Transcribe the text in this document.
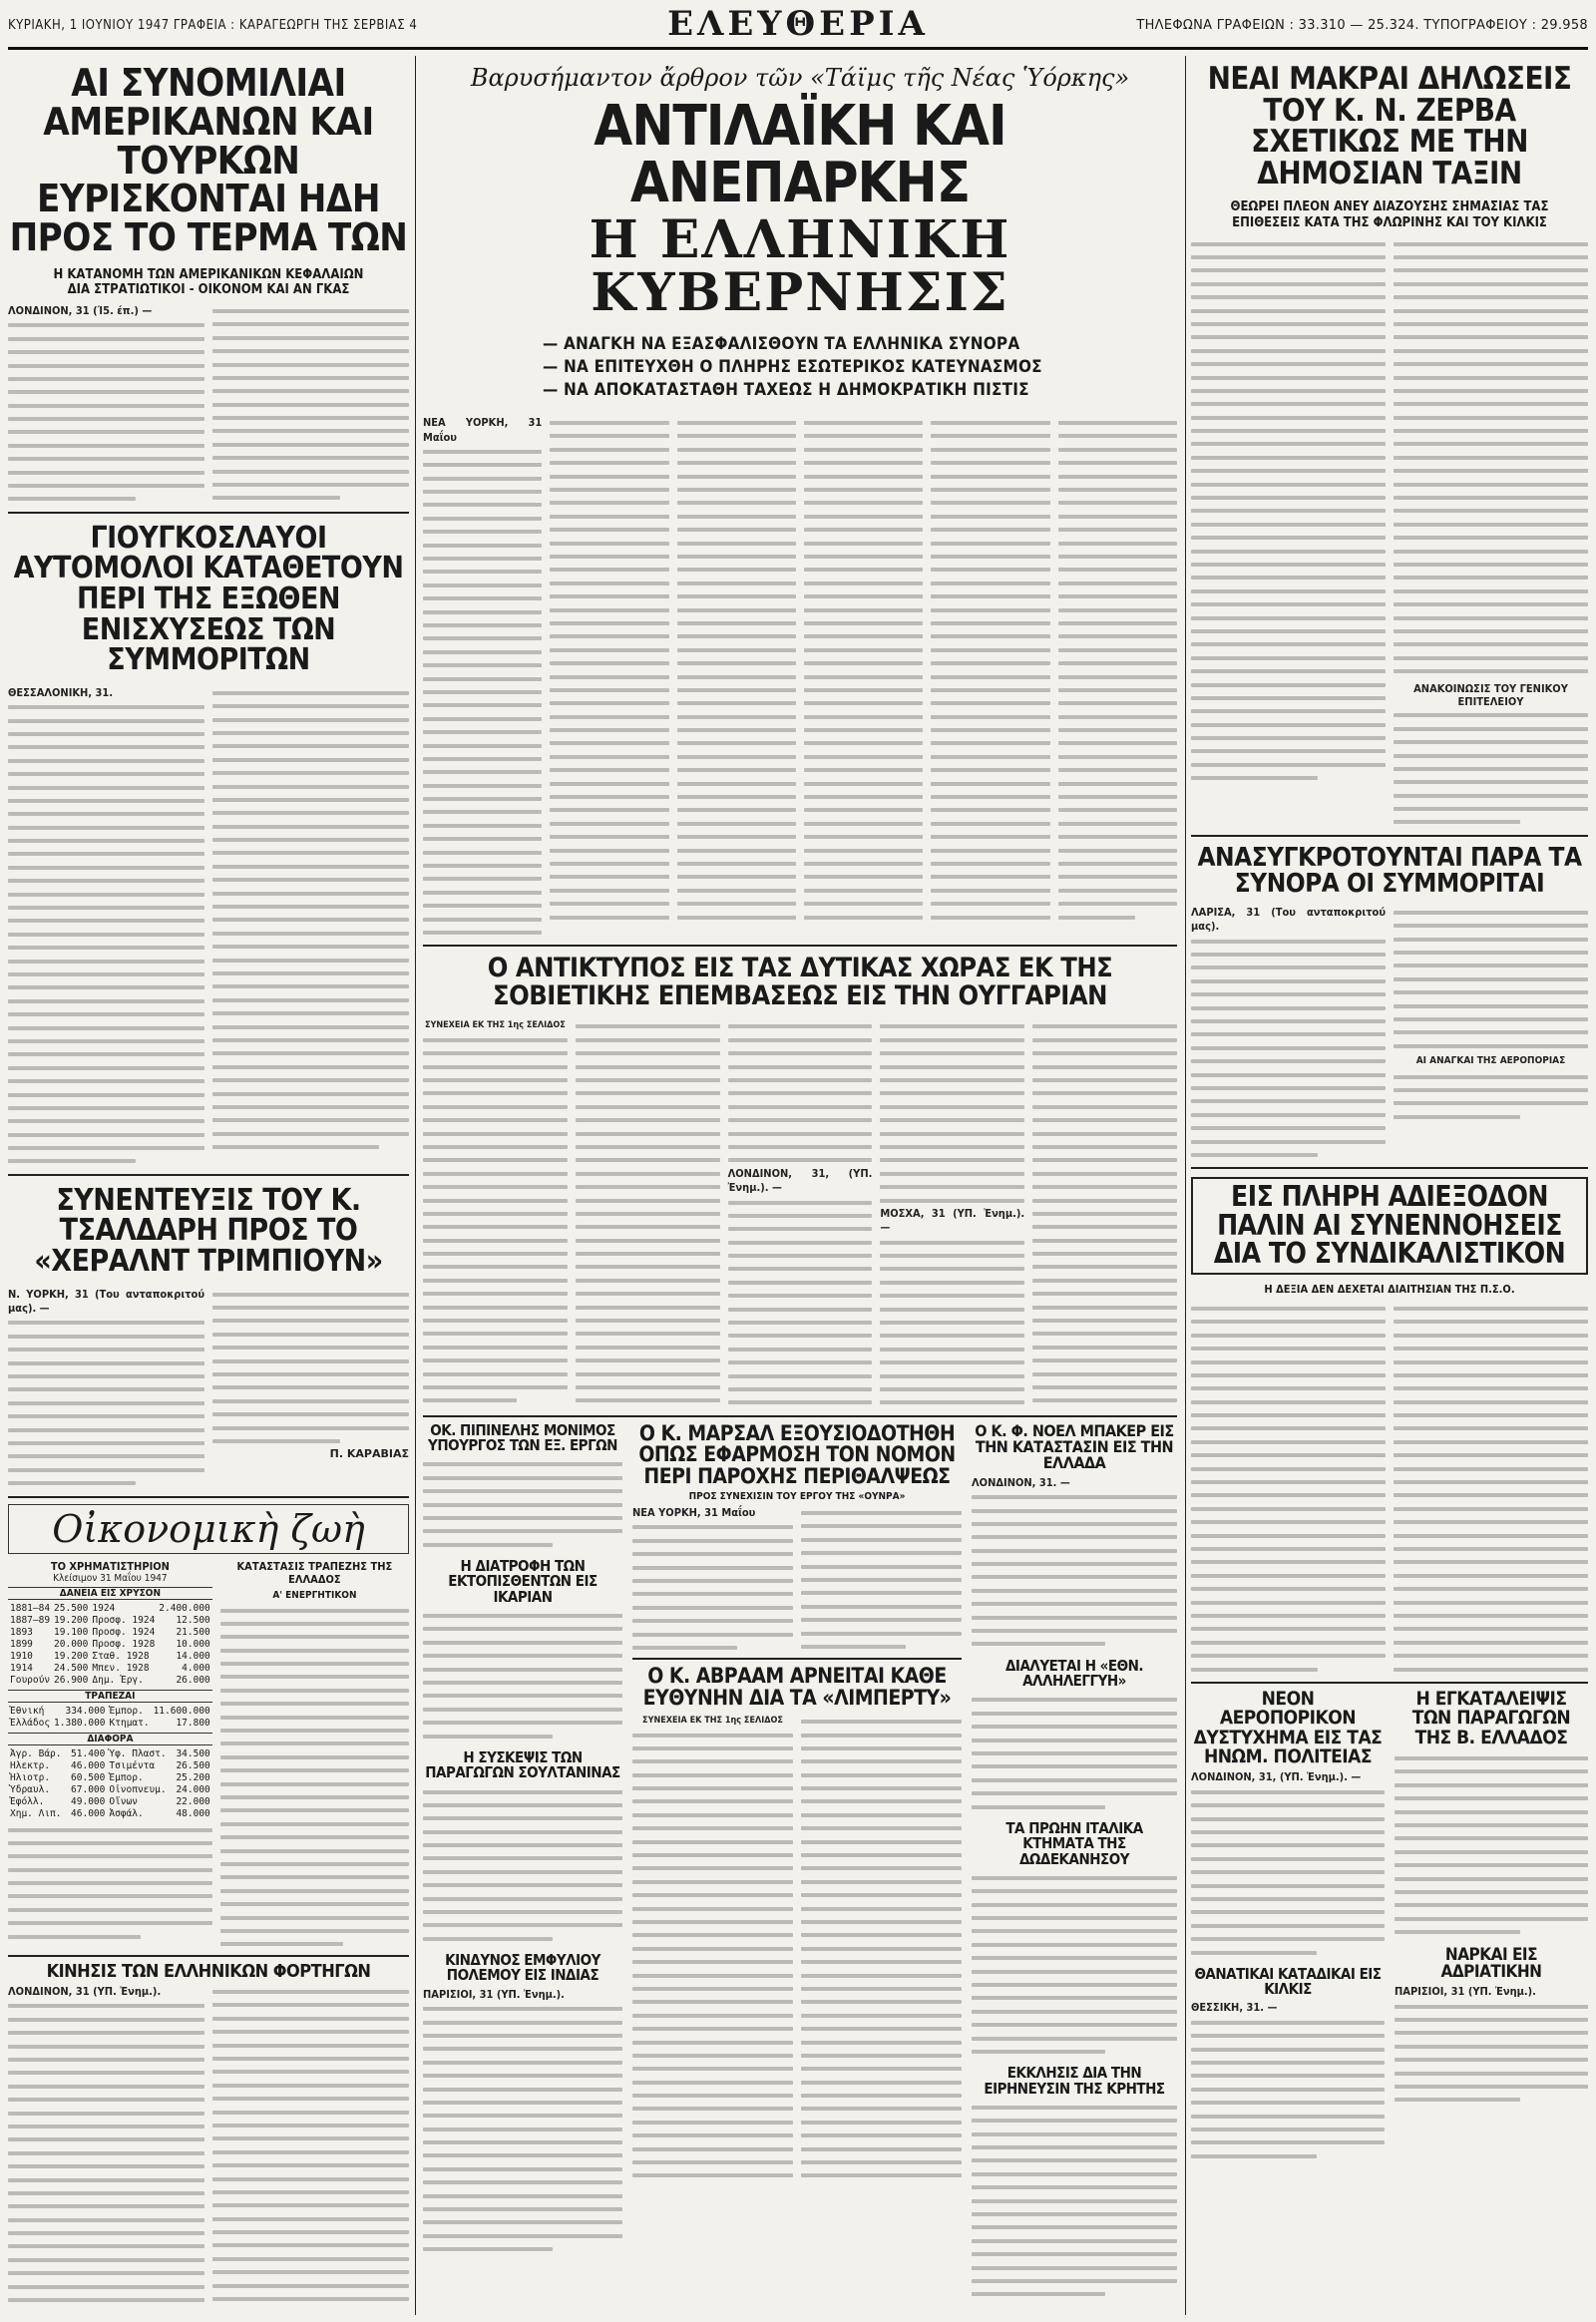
ΚΥΡΙΑΚΗ, 1 ΙΟΥΝΙΟΥ 1947 ΓΡΑΦΕΙΑ : ΚΑΡΑΓΕΩΡΓΗ ΤΗΣ ΣΕΡΒΙΑΣ 4	ΕΛΕΥΘΕΡΙΑ	ΤΗΛΕΦΩΝΑ ΓΡΑΦΕΙΩΝ : 33.310 — 25.324. ΤΥΠΟΓΡΑΦΕΙΟΥ : 29.958
ΑΙ ΣΥΝΟΜΙΛΙΑΙ ΑΜΕΡΙΚΑΝΩΝ ΚΑΙ ΤΟΥΡΚΩΝ ΕΥΡΙΣΚΟΝΤΑΙ ΗΔΗ ΠΡΟΣ ΤΟ ΤΕΡΜΑ ΤΩΝ
Η ΚΑΤΑΝΟΜΗ ΤΩΝ ΑΜΕΡΙΚΑΝΙΚΩΝ ΚΕΦΑΛΑΙΩΝ ΔΙΑ ΣΤΡΑΤΙΩΤΙΚΟΙ - ΟΙΚΟΝΟΜ ΚΑΙ ΑΝ ΓΚΑΣ
ΛΟΝΔΙΝΟΝ, 31 (Ί5. έπ.) —
ΓΙΟΥΓΚΟΣΛΑΥΟΙ ΑΥΤΟΜΟΛΟΙ ΚΑΤΑΘΕΤΟΥΝ ΠΕΡΙ ΤΗΣ ΕΞΩΘΕΝ ΕΝΙΣΧΥΣΕΩΣ ΤΩΝ ΣΥΜΜΟΡΙΤΩΝ
ΘΕΣΣΑΛΟΝΙΚΗ, 31.
ΣΥΝΕΝΤΕΥΞΙΣ ΤΟΥ Κ. ΤΣΑΛΔΑΡΗ ΠΡΟΣ ΤΟ «ΧΕΡΑΛΝΤ ΤΡΙΜΠΙΟΥΝ»
Ν. ΥΟΡΚΗ, 31 (Του ανταποκριτού μας). —
Π. ΚΑΡΑΒΙΑΣ
Οἰκονομικὴ ζωὴ
ΤΟ ΧΡΗΜΑΤΙΣΤΗΡΙΟΝ
Κλείσιμον 31 Μαΐου 1947
ΔΑΝΕΙΑ ΕΙΣ ΧΡΥΣΟΝ
1881—84	25.500	1924	2.400.000
1887—89	19.200	Προσφ. 1924	12.500
1893	19.100	Προσφ. 1924	21.500
1899	20.000	Προσφ. 1928	10.000
1910	19.200	Σταθ. 1928	14.000
1914	24.500	Μπεν. 1928	4.000
Γουρούν	26.900	Δημ. Ἐργ.	26.000
ΤΡΑΠΕΖΑΙ
Ἐθνική	334.000	Ἐμπορ.	11.600.000
Ἑλλάδος	1.380.000	Κτηματ.	17.800
ΔΙΑΦΟΡΑ
Ἀγρ. Βάρ.	51.400	Ὑφ. Πλαστ.	34.500
Ηλεκτρ.	46.000	Τσιμέντα	26.500
Ἠλιοτρ.	60.500	Ἐμπορ.	25.200
Ὑδραυλ.	67.000	Οἰνοπνευμ.	24.000
Ἐφόλλ.	49.000	Οἴνων	22.000
Χημ. Λιπ.	46.000	Ἀσφάλ.	48.000
ΚΑΤΑΣΤΑΣΙΣ ΤΡΑΠΕΖΗΣ ΤΗΣ ΕΛΛΑΔΟΣ
Α' ΕΝΕΡΓΗΤΙΚΟΝ
ΚΙΝΗΣΙΣ ΤΩΝ ΕΛΛΗΝΙΚΩΝ ΦΟΡΤΗΓΩΝ
ΛΟΝΔΙΝΟΝ, 31 (ΥΠ. Ἐνημ.).
Βαρυσήμαντον ἄρθρον τῶν «Τάϊμς τῆς Νέας Ὑόρκης»
ΑΝΤΙΛΑΪΚΗ ΚΑΙ ΑΝΕΠΑΡΚΗΣ
Η ΕΛΛΗΝΙΚΗ ΚΥΒΕΡΝΗΣΙΣ
— ΑΝΑΓΚΗ ΝΑ ΕΞΑΣΦΑΛΙΣΘΟΥΝ ΤΑ ΕΛΛΗΝΙΚΑ ΣΥΝΟΡΑ
— ΝΑ ΕΠΙΤΕΥΧΘΗ Ο ΠΛΗΡΗΣ ΕΣΩΤΕΡΙΚΟΣ ΚΑΤΕΥΝΑΣΜΟΣ
— ΝΑ ΑΠΟΚΑΤΑΣΤΑΘΗ ΤΑΧΕΩΣ Η ΔΗΜΟΚΡΑΤΙΚΗ ΠΙΣΤΙΣ
ΝΕΑ ΥΟΡΚΗ, 31 Μαΐου
Ο ΑΝΤΙΚΤΥΠΟΣ ΕΙΣ ΤΑΣ ΔΥΤΙΚΑΣ ΧΩΡΑΣ ΕΚ ΤΗΣ ΣΟΒΙΕΤΙΚΗΣ ΕΠΕΜΒΑΣΕΩΣ ΕΙΣ ΤΗΝ ΟΥΓΓΑΡΙΑΝ
ΣΥΝΕΧΕΙΑ ΕΚ ΤΗΣ 1ης ΣΕΛΙΔΟΣ
ΛΟΝΔΙΝΟΝ, 31, (ΥΠ. Ἐνημ.). —
ΜΟΣΧΑ, 31 (ΥΠ. Ἐνημ.). —
ΟΚ. ΠΙΠΙΝΕΛΗΣ ΜΟΝΙΜΟΣ ΥΠΟΥΡΓΟΣ ΤΩΝ ΕΞ. ΕΡΓΩΝ
Η ΔΙΑΤΡΟΦΗ ΤΩΝ ΕΚΤΟΠΙΣΘΕΝΤΩΝ ΕΙΣ ΙΚΑΡΙΑΝ
Η ΣΥΣΚΕΨΙΣ ΤΩΝ ΠΑΡΑΓΩΓΩΝ ΣΟΥΛΤΑΝΙΝΑΣ
ΚΙΝΔΥΝΟΣ ΕΜΦΥΛΙΟΥ ΠΟΛΕΜΟΥ ΕΙΣ ΙΝΔΙΑΣ
ΠΑΡΙΣΙΟΙ, 31 (ΥΠ. Ἐνημ.).
Ο Κ. ΜΑΡΣΑΛ ΕΞΟΥΣΙΟΔΟΤΗΘΗ ΟΠΩΣ ΕΦΑΡΜΟΣΗ ΤΟΝ ΝΟΜΟΝ ΠΕΡΙ ΠΑΡΟΧΗΣ ΠΕΡΙΘΑΛΨΕΩΣ
ΠΡΟΣ ΣΥΝΕΧΙΣΙΝ ΤΟΥ ΕΡΓΟΥ ΤΗΣ «ΟΥΝΡΑ»
ΝΕΑ ΥΟΡΚΗ, 31 Μαΐου
Ο Κ. ΑΒΡΑΑΜ ΑΡΝΕΙΤΑΙ ΚΑΘΕ ΕΥΘΥΝΗΝ ΔΙΑ ΤΑ «ΛΙΜΠΕΡΤΥ»
ΣΥΝΕΧΕΙΑ ΕΚ ΤΗΣ 1ης ΣΕΛΙΔΟΣ
Ο Κ. Φ. ΝΟΕΛ ΜΠΑΚΕΡ ΕΙΣ ΤΗΝ ΚΑΤΑΣΤΑΣΙΝ ΕΙΣ ΤΗΝ ΕΛΛΑΔΑ
ΛΟΝΔΙΝΟΝ, 31. —
ΔΙΑΛΥΕΤΑΙ Η «ΕΘΝ. ΑΛΛΗΛΕΓΓΥΗ»
ΤΑ ΠΡΩΗΝ ΙΤΑΛΙΚΑ ΚΤΗΜΑΤΑ ΤΗΣ ΔΩΔΕΚΑΝΗΣΟΥ
ΕΚΚΛΗΣΙΣ ΔΙΑ ΤΗΝ ΕΙΡΗΝΕΥΣΙΝ ΤΗΣ ΚΡΗΤΗΣ
ΝΕΑΙ ΜΑΚΡΑΙ ΔΗΛΩΣΕΙΣ ΤΟΥ Κ. Ν. ΖΕΡΒΑ ΣΧΕΤΙΚΩΣ ΜΕ ΤΗΝ ΔΗΜΟΣΙΑΝ ΤΑΞΙΝ
ΘΕΩΡΕΙ ΠΛΕΟΝ ΑΝΕΥ ΔΙΑΖΟΥΣΗΣ ΣΗΜΑΣΙΑΣ ΤΑΣ ΕΠΙΘΕΣΕΙΣ ΚΑΤΑ ΤΗΣ ΦΛΩΡΙΝΗΣ ΚΑΙ ΤΟΥ ΚΙΛΚΙΣ
ΑΝΑΚΟΙΝΩΣΙΣ ΤΟΥ ΓΕΝΙΚΟΥ ΕΠΙΤΕΛΕΙΟΥ
ΑΝΑΣΥΓΚΡΟΤΟΥΝΤΑΙ ΠΑΡΑ ΤΑ ΣΥΝΟΡΑ ΟΙ ΣΥΜΜΟΡΙΤΑΙ
ΛΑΡΙΣΑ, 31 (Του ανταποκριτού μας).
ΑΙ ΑΝΑΓΚΑΙ ΤΗΣ ΑΕΡΟΠΟΡΙΑΣ
ΕΙΣ ΠΛΗΡΗ ΑΔΙΕΞΟΔΟΝ ΠΑΛΙΝ ΑΙ ΣΥΝΕΝΝΟΗΣΕΙΣ ΔΙΑ ΤΟ ΣΥΝΔΙΚΑΛΙΣΤΙΚΟΝ
Η ΔΕΞΙΑ ΔΕΝ ΔΕΧΕΤΑΙ ΔΙΑΙΤΗΣΙΑΝ ΤΗΣ Π.Σ.Ο.
ΝΕΟΝ ΑΕΡΟΠΟΡΙΚΟΝ ΔΥΣΤΥΧΗΜΑ ΕΙΣ ΤΑΣ ΗΝΩΜ. ΠΟΛΙΤΕΙΑΣ
ΛΟΝΔΙΝΟΝ, 31, (ΥΠ. Ἐνημ.). —
ΘΑΝΑΤΙΚΑΙ ΚΑΤΑΔΙΚΑΙ ΕΙΣ ΚΙΛΚΙΣ
ΘΕΣΣΙΚΗ, 31. —
Η ΕΓΚΑΤΑΛΕΙΨΙΣ ΤΩΝ ΠΑΡΑΓΩΓΩΝ ΤΗΣ Β. ΕΛΛΑΔΟΣ
ΝΑΡΚΑΙ ΕΙΣ ΑΔΡΙΑΤΙΚΗΝ
ΠΑΡΙΣΙΟΙ, 31 (ΥΠ. Ἐνημ.).
